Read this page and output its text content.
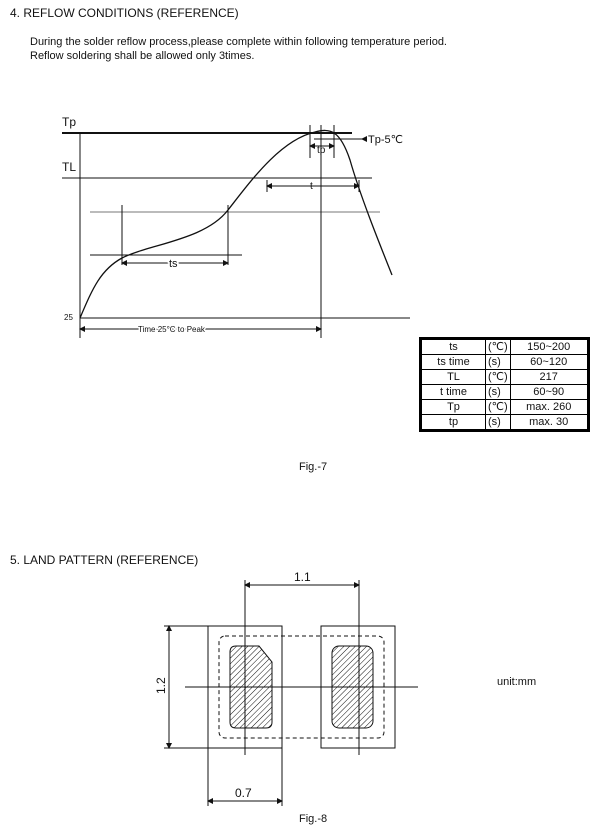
4. REFLOW CONDITIONS (REFERENCE)
During the solder reflow process,please complete within following temperature period.
Reflow soldering shall be allowed only 3times.
Tp
TL
25
Tp-5℃
tp
t
ts
Time 25°C to Peak
ts	(℃)	150~200
ts time	(s)	60~120
TL	(℃)	217
t time	(s)	60~90
Tp	(℃)	max. 260
tp	(s)	max. 30
Fig.-7
5. LAND PATTERN (REFERENCE)
1.1
1.2
0.7
unit:mm
Fig.-8
